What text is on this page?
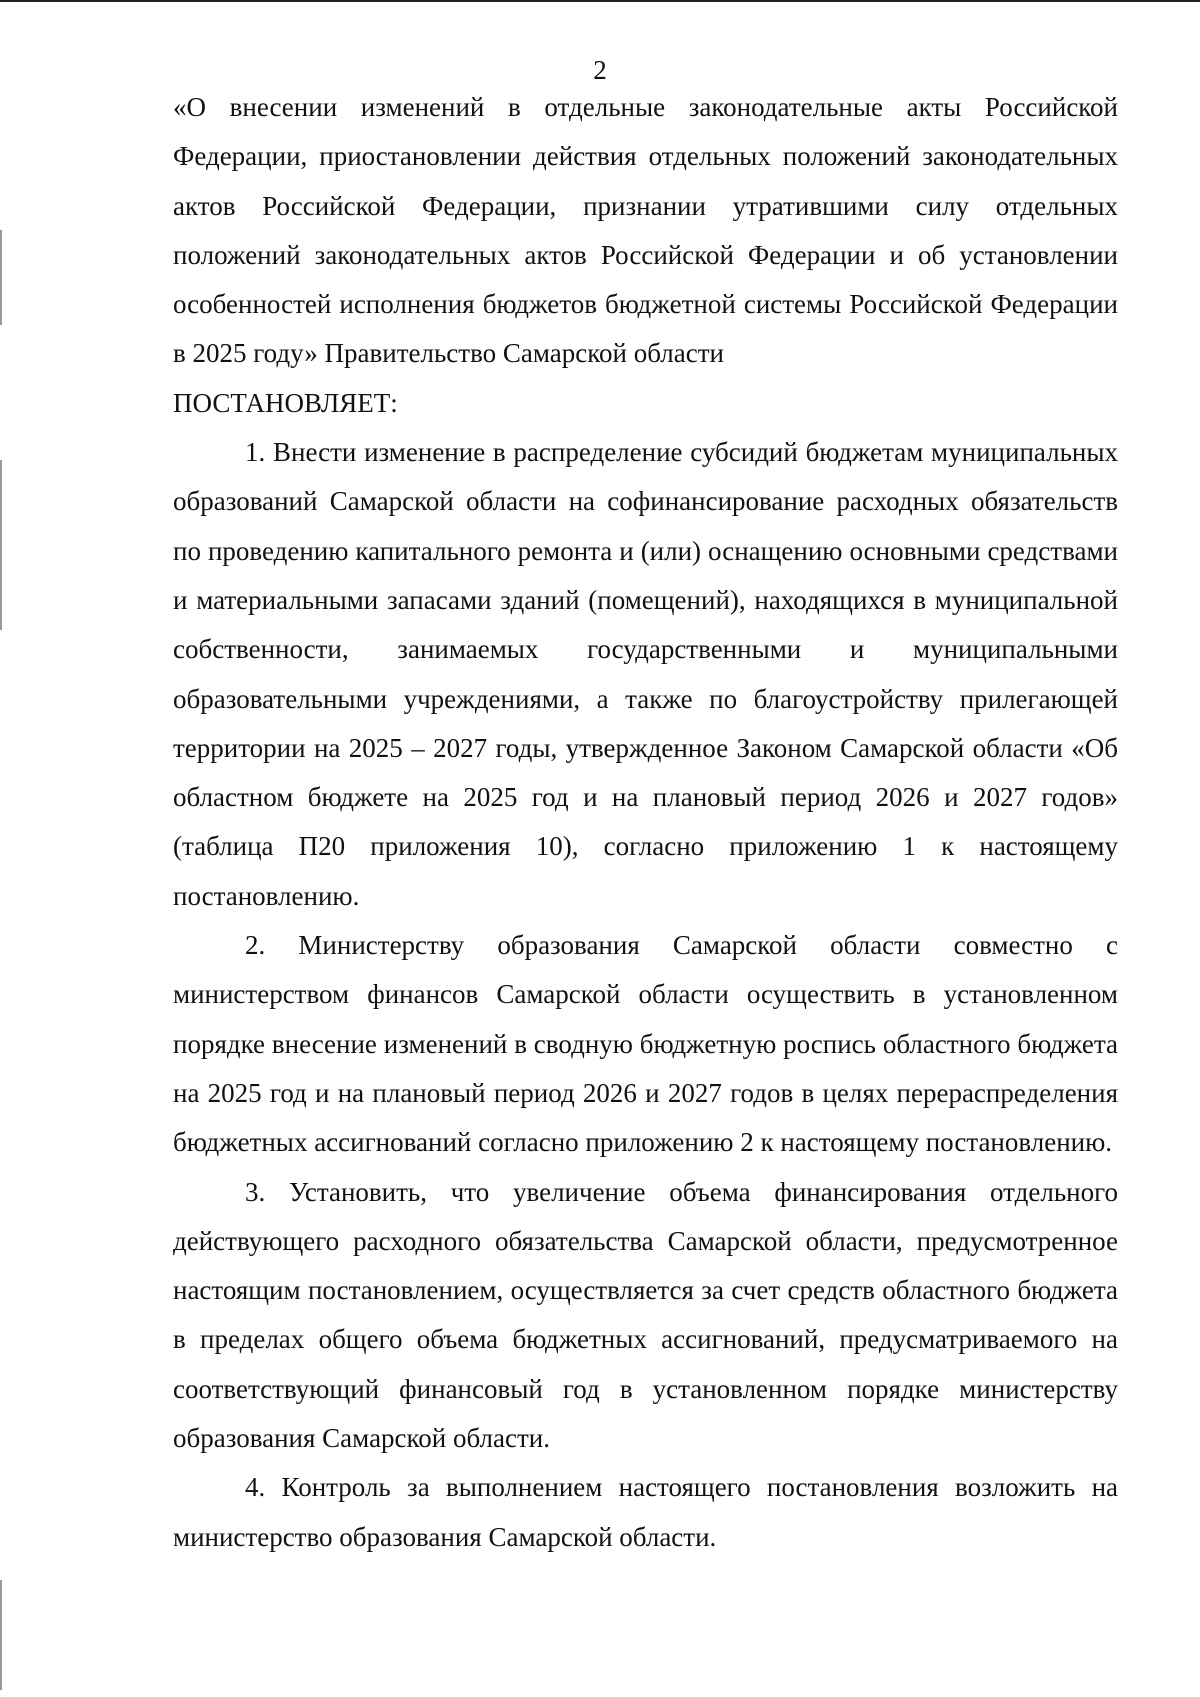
2

«О внесении изменений в отдельные законодательные акты Российской Федерации, приостановлении действия отдельных положений законодательных актов Российской Федерации, признании утратившими силу отдельных положений законодательных актов Российской Федерации и об установлении особенностей исполнения бюджетов бюджетной системы Российской Федерации в 2025 году» Правительство Самарской области

ПОСТАНОВЛЯЕТ:

1. Внести изменение в распределение субсидий бюджетам муниципальных образований Самарской области на софинансирование расходных обязательств по проведению капитального ремонта и (или) оснащению основными средствами и материальными запасами зданий (помещений), находящихся в муниципальной собственности, занимаемых государственными и муниципальными образовательными учреждениями, а также по благоустройству прилегающей территории на 2025 – 2027 годы, утвержденное Законом Самарской области «Об областном бюджете на 2025 год и на плановый период 2026 и 2027 годов» (таблица П20 приложения 10), согласно приложению 1 к настоящему постановлению.

2. Министерству образования Самарской области совместно с министерством финансов Самарской области осуществить в установленном порядке внесение изменений в сводную бюджетную роспись областного бюджета на 2025 год и на плановый период 2026 и 2027 годов в целях перераспределения бюджетных ассигнований согласно приложению 2 к настоящему постановлению.

3. Установить, что увеличение объема финансирования отдельного действующего расходного обязательства Самарской области, предусмотренное настоящим постановлением, осуществляется за счет средств областного бюджета в пределах общего объема бюджетных ассигнований, предусматриваемого на соответствующий финансовый год в установленном порядке министерству образования Самарской области.

4. Контроль за выполнением настоящего постановления возложить на министерство образования Самарской области.
